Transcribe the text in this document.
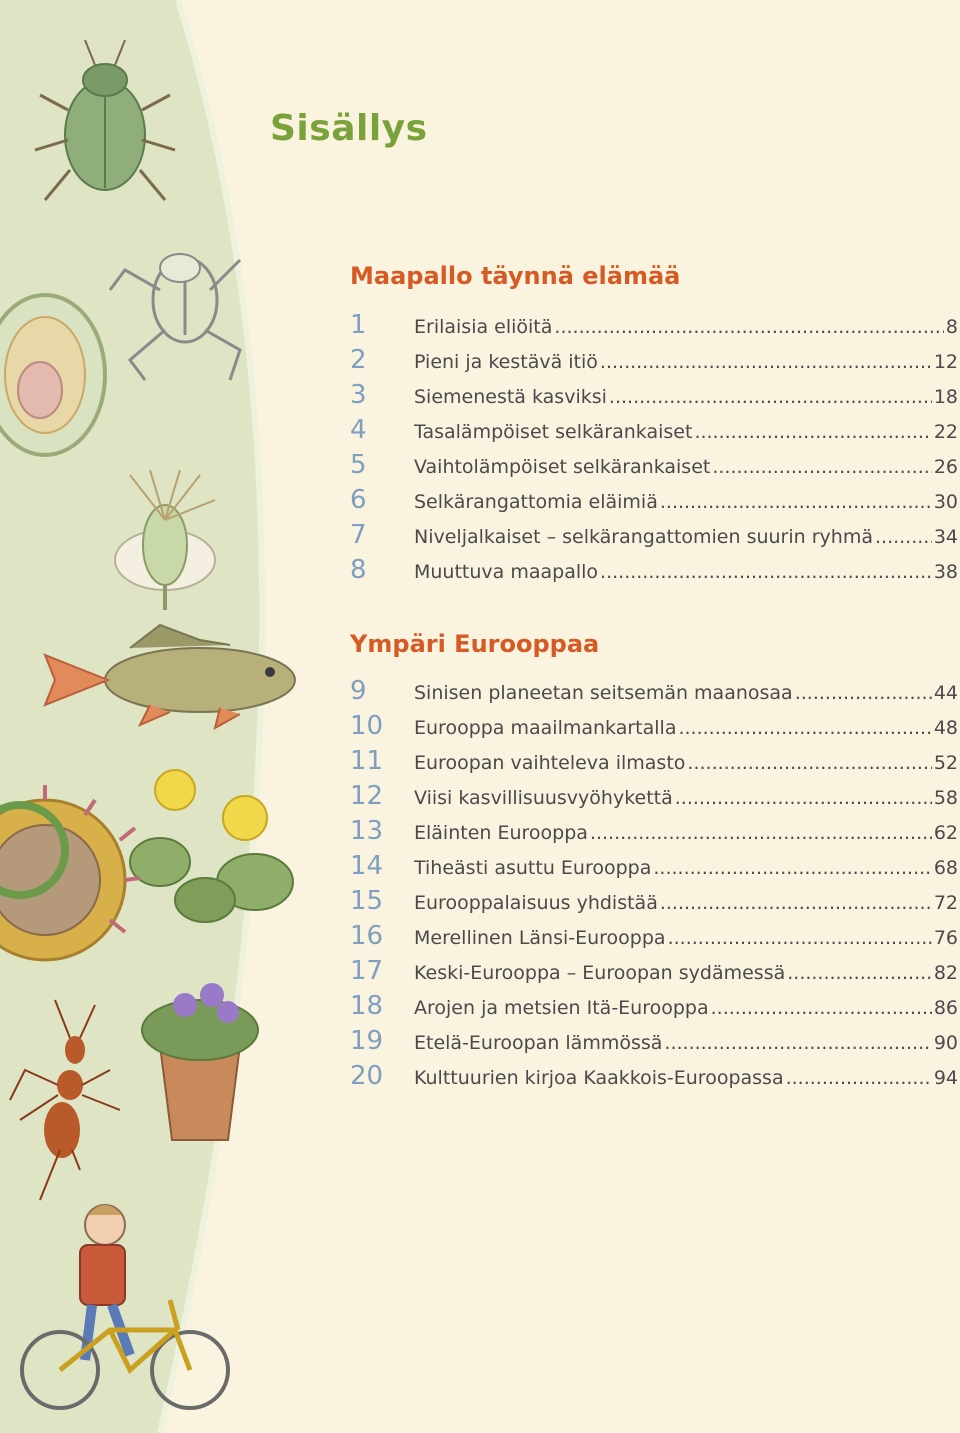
Sisällys
Maapallo täynnä elämää
1	Erilaisia eliöitä .....	8
2	Pieni ja kestävä itiö .....	12
3	Siemenestä kasviksi .....	18
4	Tasalämpöiset selkärankaiset .....	22
5	Vaihtolämpöiset selkärankaiset .....	26
6	Selkärangattomia eläimiä .....	30
7	Niveljalkaiset – selkärangattomien suurin ryhmä .....	34
8	Muuttuva maapallo .....	38
Ympäri Eurooppaa
9	Sinisen planeetan seitsemän maanosaa .....	44
10	Eurooppa maailmankartalla .....	48
11	Euroopan vaihteleva ilmasto .....	52
12	Viisi kasvillisuusvyöhykettä .....	58
13	Eläinten Eurooppa .....	62
14	Tiheästi asuttu Eurooppa .....	68
15	Eurooppalaisuus yhdistää .....	72
16	Merellinen Länsi-Eurooppa .....	76
17	Keski-Eurooppa – Euroopan sydämessä .....	82
18	Arojen ja metsien Itä-Eurooppa .....	86
19	Etelä-Euroopan lämmössä .....	90
20	Kulttuurien kirjoa Kaakkois-Euroopassa .....	94
